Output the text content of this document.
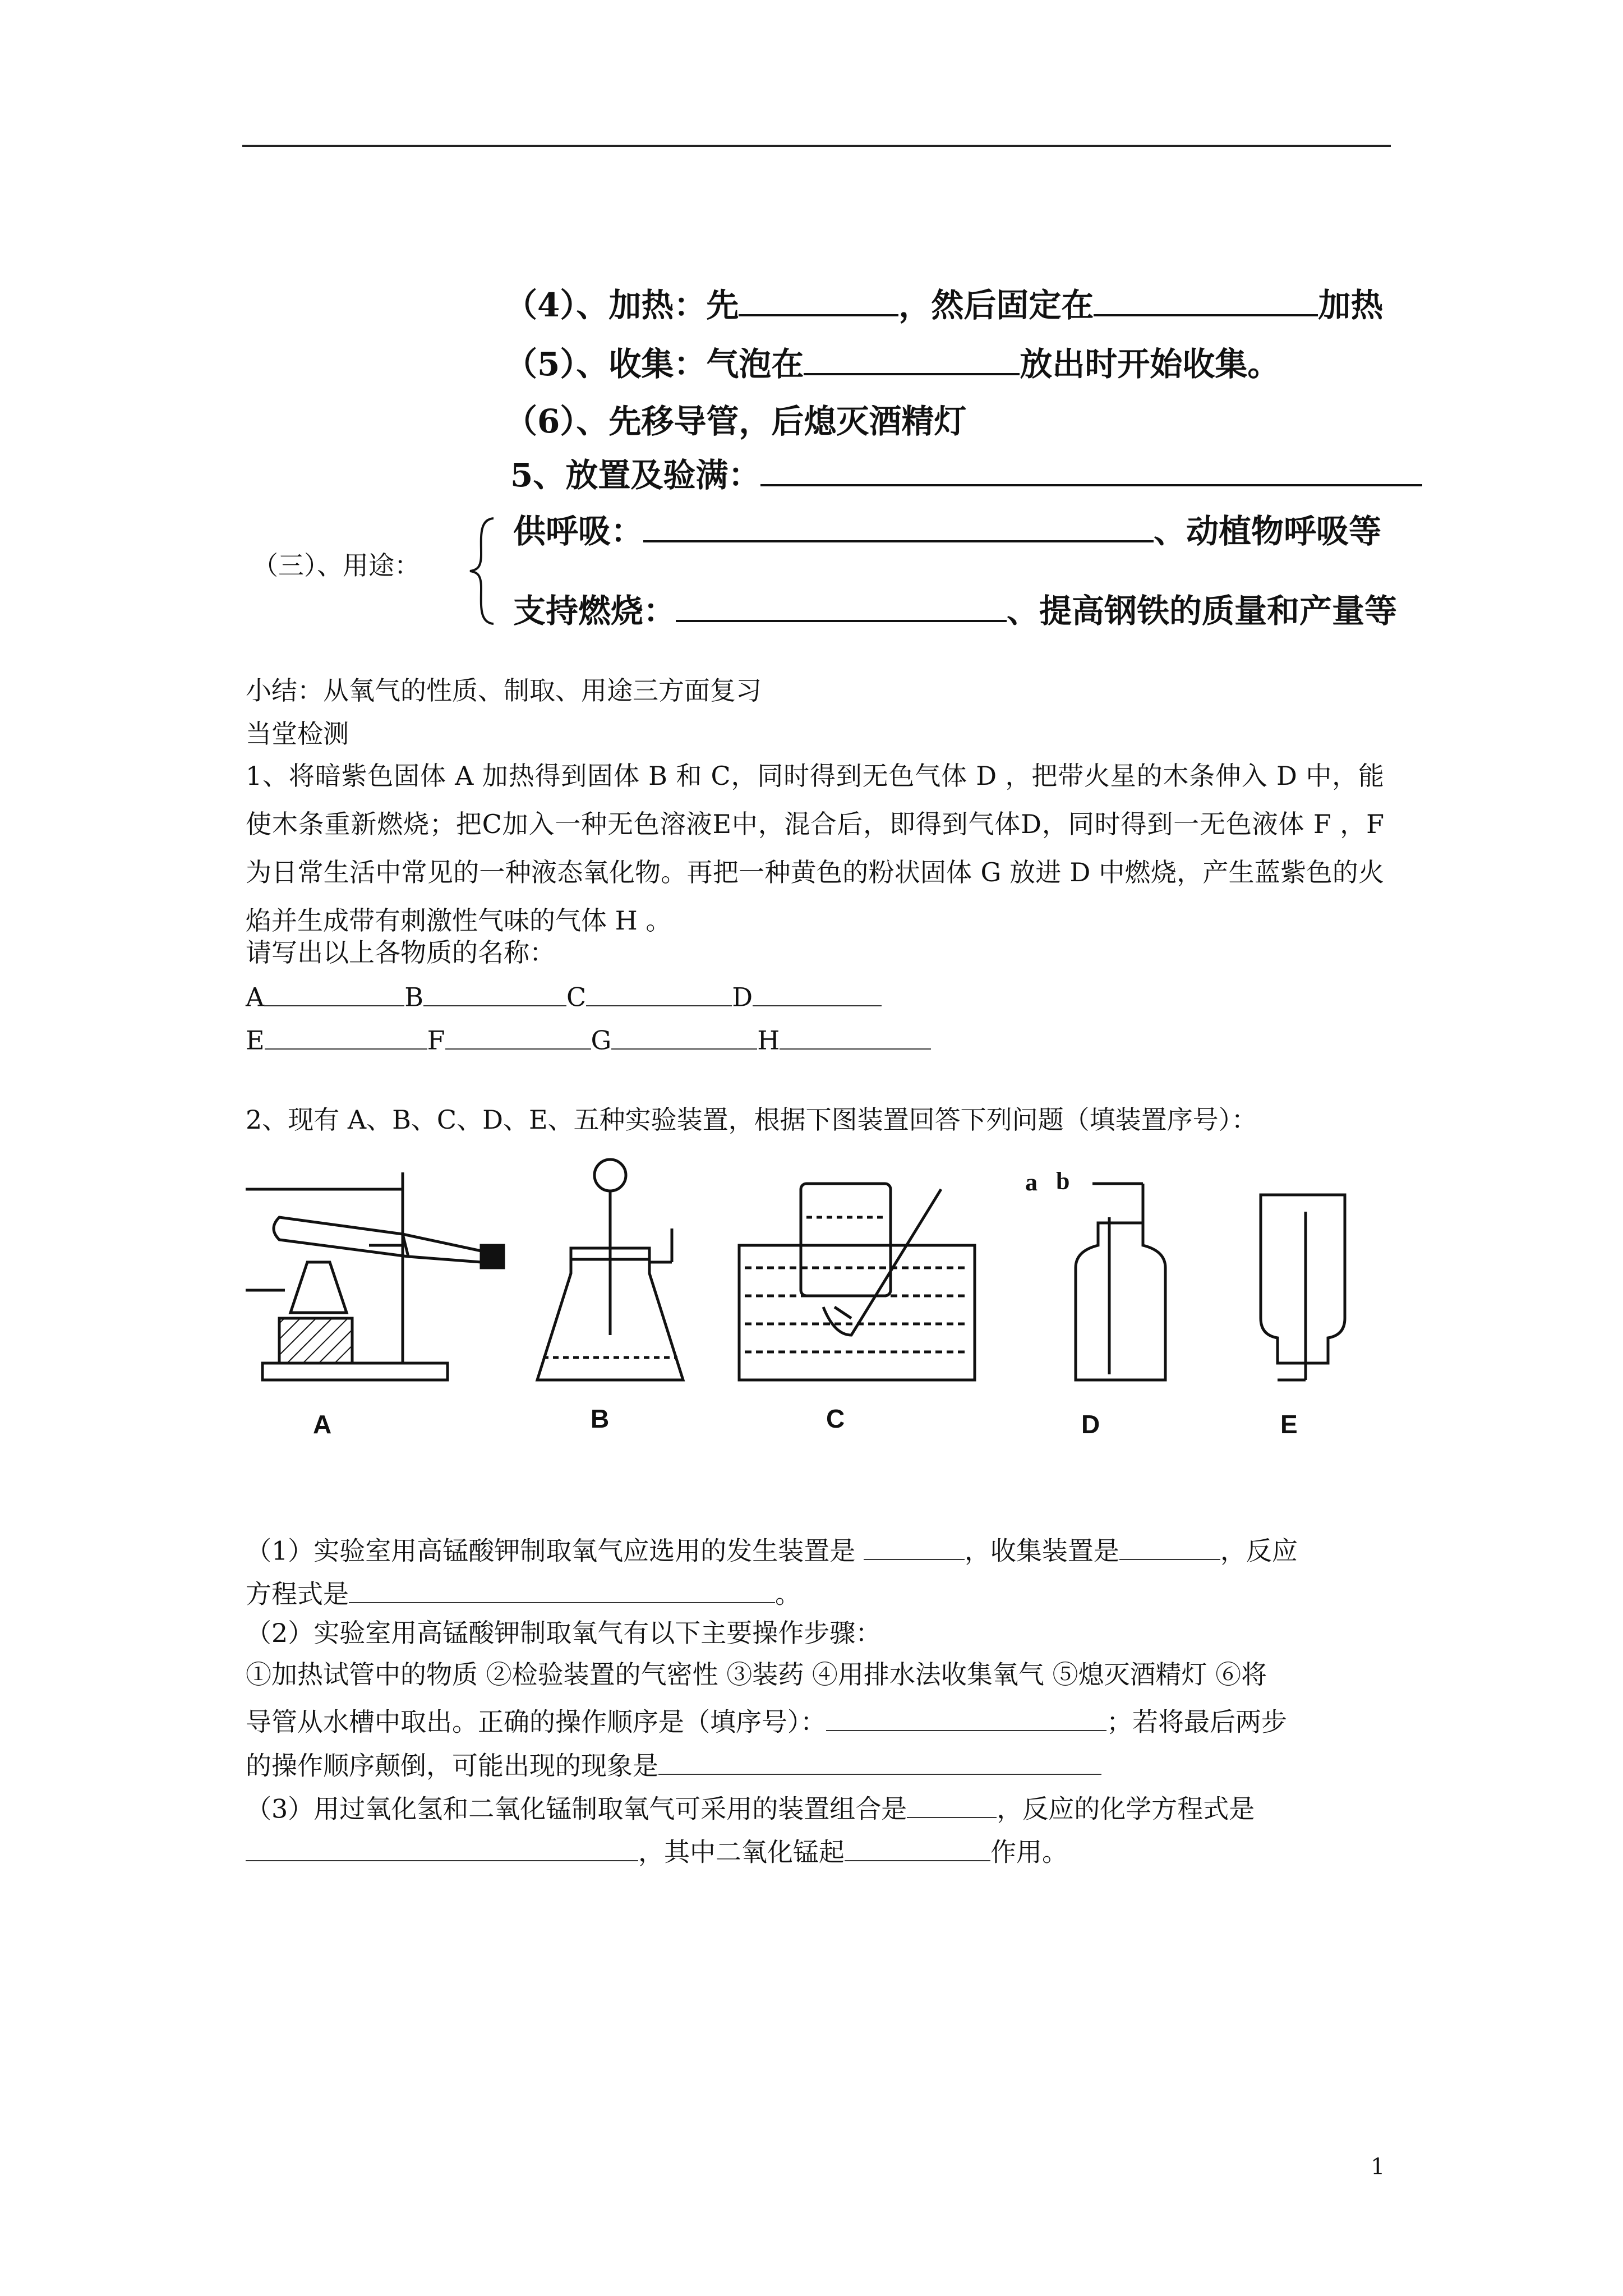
（4）、加热：先	，然后固定在	加热
（5）、收集：气泡在	放出时开始收集。
（6）、先移导管，后熄灭酒精灯
5、放置及验满：
（三）、用途：
供呼吸：	、动植物呼吸等
支持燃烧：	、提高钢铁的质量和产量等
小结：从氧气的性质、制取、用途三方面复习
当堂检测

1、将暗紫色固体 A 加热得到固体 B 和 C，同时得到无色气体 D ，把带火星的木条伸入 D 中，能使木条重新燃烧；把C加入一种无色溶液E中，混合后，即得到气体D，同时得到一无色液体 F ，F为日常生活中常见的一种液态氧化物。再把一种黄色的粉状固体 G 放进 D 中燃烧，产生蓝紫色的火焰并生成带有刺激性气味的气体 H 。

请写出以上各物质的名称：
A	B	C	D
E	F	G	H
2、现有 A、B、C、D、E、五种实验装置，根据下图装置回答下列问题（填装置序号）：
a b
A	B	C	D	E
（1）实验室用高锰酸钾制取氧气应选用的发生装置是	，收集装置是	，反应
方程式是	。
（2）实验室用高锰酸钾制取氧气有以下主要操作步骤：
①加热试管中的物质 ②检验装置的气密性 ③装药 ④用排水法收集氧气 ⑤熄灭酒精灯 ⑥将
导管从水槽中取出。正确的操作顺序是（填序号）：	；若将最后两步
的操作顺序颠倒，可能出现的现象是
（3）用过氧化氢和二氧化锰制取氧气可采用的装置组合是	，反应的化学方程式是
，其中二氧化锰起	作用。
1
